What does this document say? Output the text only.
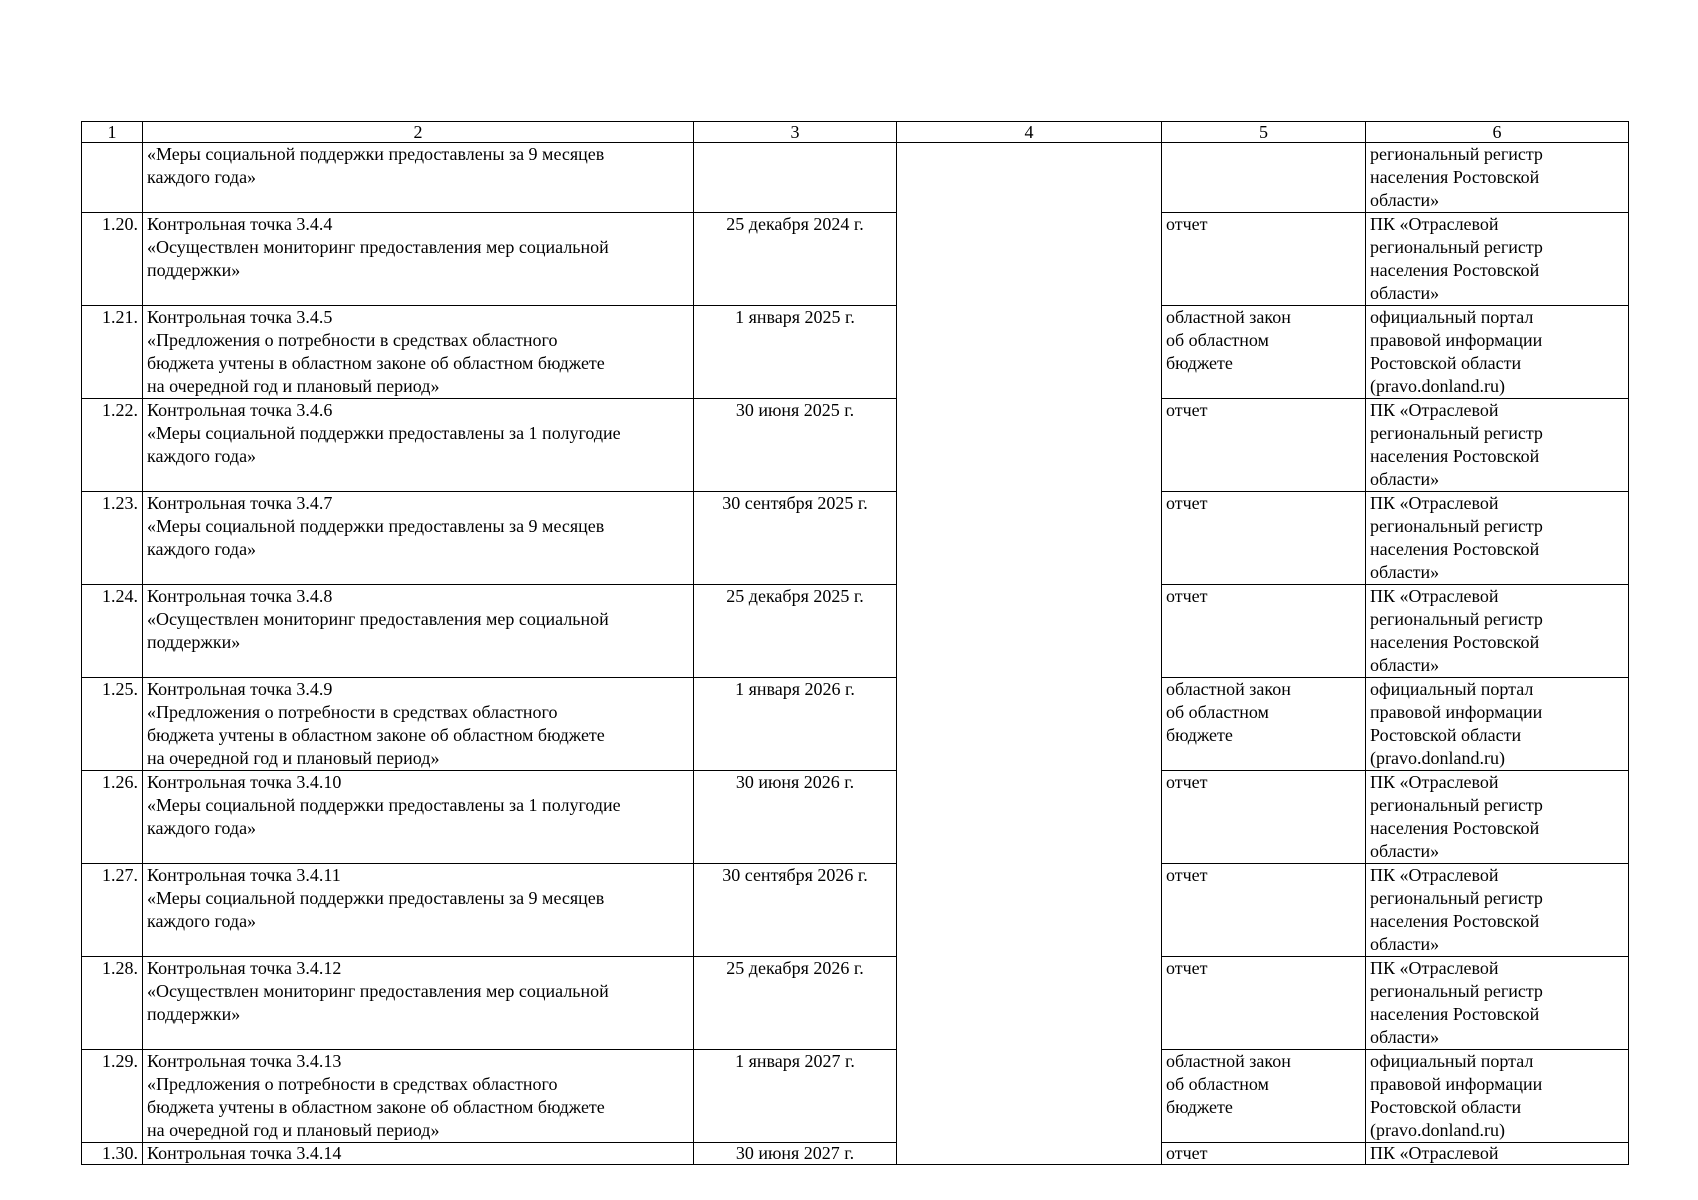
1	2	3	4	5	6

	«Меры социальной поддержки предоставлены за 9 месяцев
каждого года»				региональный регистр
населения Ростовской
области»

1.20.	Контрольная точка 3.4.4
«Осуществлен мониторинг предоставления мер социальной
поддержки»	25 декабря 2024 г.		отчет	ПК «Отраслевой
региональный регистр
населения Ростовской
области»

1.21.	Контрольная точка 3.4.5
«Предложения о потребности в средствах областного
бюджета учтены в областном законе об областном бюджете
на очередной год и плановый период»	1 января 2025 г.		областной закон
об областном
бюджете	официальный портал
правовой информации
Ростовской области
(pravo.donland.ru)

1.22.	Контрольная точка 3.4.6
«Меры социальной поддержки предоставлены за 1 полугодие
каждого года»	30 июня 2025 г.		отчет	ПК «Отраслевой
региональный регистр
населения Ростовской
области»

1.23.	Контрольная точка 3.4.7
«Меры социальной поддержки предоставлены за 9 месяцев
каждого года»	30 сентября 2025 г.		отчет	ПК «Отраслевой
региональный регистр
населения Ростовской
области»

1.24.	Контрольная точка 3.4.8
«Осуществлен мониторинг предоставления мер социальной
поддержки»	25 декабря 2025 г.		отчет	ПК «Отраслевой
региональный регистр
населения Ростовской
области»

1.25.	Контрольная точка 3.4.9
«Предложения о потребности в средствах областного
бюджета учтены в областном законе об областном бюджете
на очередной год и плановый период»	1 января 2026 г.		областной закон
об областном
бюджете	официальный портал
правовой информации
Ростовской области
(pravo.donland.ru)

1.26.	Контрольная точка 3.4.10
«Меры социальной поддержки предоставлены за 1 полугодие
каждого года»	30 июня 2026 г.		отчет	ПК «Отраслевой
региональный регистр
населения Ростовской
области»

1.27.	Контрольная точка 3.4.11
«Меры социальной поддержки предоставлены за 9 месяцев
каждого года»	30 сентября 2026 г.		отчет	ПК «Отраслевой
региональный регистр
населения Ростовской
области»

1.28.	Контрольная точка 3.4.12
«Осуществлен мониторинг предоставления мер социальной
поддержки»	25 декабря 2026 г.		отчет	ПК «Отраслевой
региональный регистр
населения Ростовской
области»

1.29.	Контрольная точка 3.4.13
«Предложения о потребности в средствах областного
бюджета учтены в областном законе об областном бюджете
на очередной год и плановый период»	1 января 2027 г.		областной закон
об областном
бюджете	официальный портал
правовой информации
Ростовской области
(pravo.donland.ru)

1.30.	Контрольная точка 3.4.14	30 июня 2027 г.		отчет	ПК «Отраслевой
